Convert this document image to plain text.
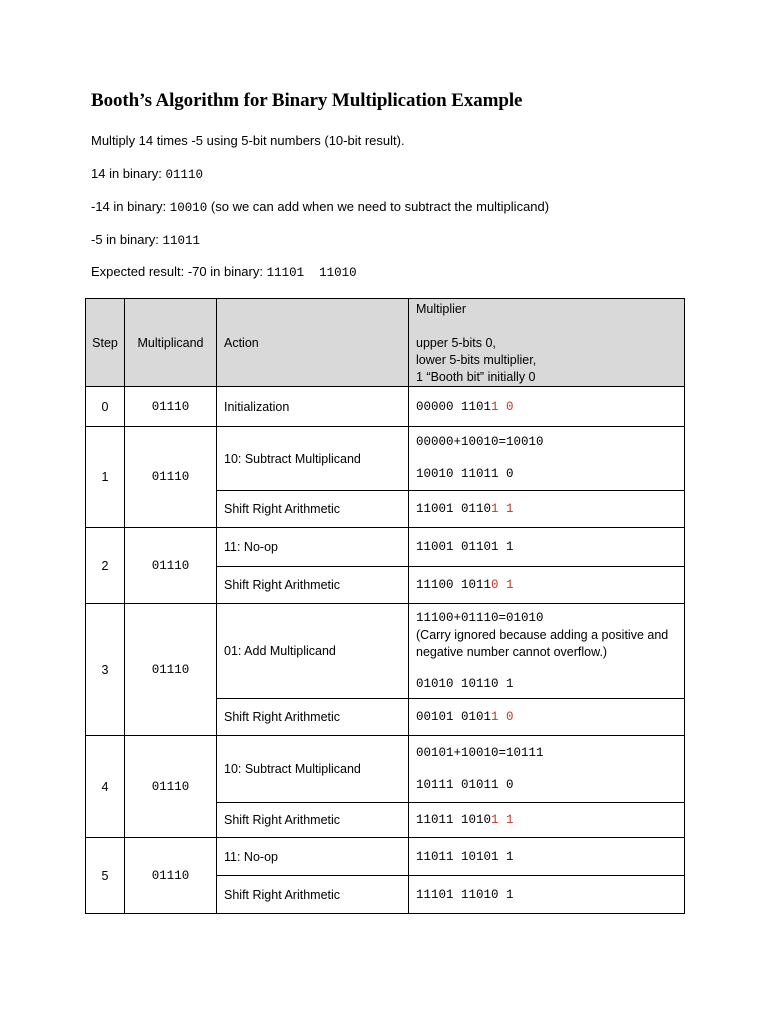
Booth’s Algorithm for Binary Multiplication Example

Multiply 14 times -5 using 5-bit numbers (10-bit result).

14 in binary: 01110

-14 in binary: 10010 (so we can add when we need to subtract the multiplicand)

-5 in binary: 11011

Expected result: -70 in binary: 11101  11010

Step	Multiplicand	Action	Multiplier
upper 5-bits 0,
lower 5-bits multiplier,
1 “Booth bit” initially 0

0	01110	Initialization	00000 11011 0
1	01110	10: Subtract Multiplicand	00000+10010=10010
10010 11011 0

		Shift Right Arithmetic	11001 01101 1
2	01110	11: No-op	11001 01101 1
		Shift Right Arithmetic	11100 10110 1
3	01110	01: Add Multiplicand	11100+01110=01010
(Carry ignored because adding a positive and negative number cannot overflow.)
01010 10110 1

		Shift Right Arithmetic	00101 01011 0
4	01110	10: Subtract Multiplicand	00101+10010=10111
10111 01011 0

		Shift Right Arithmetic	11011 10101 1
5	01110	11: No-op	11011 10101 1
		Shift Right Arithmetic	11101 11010 1
